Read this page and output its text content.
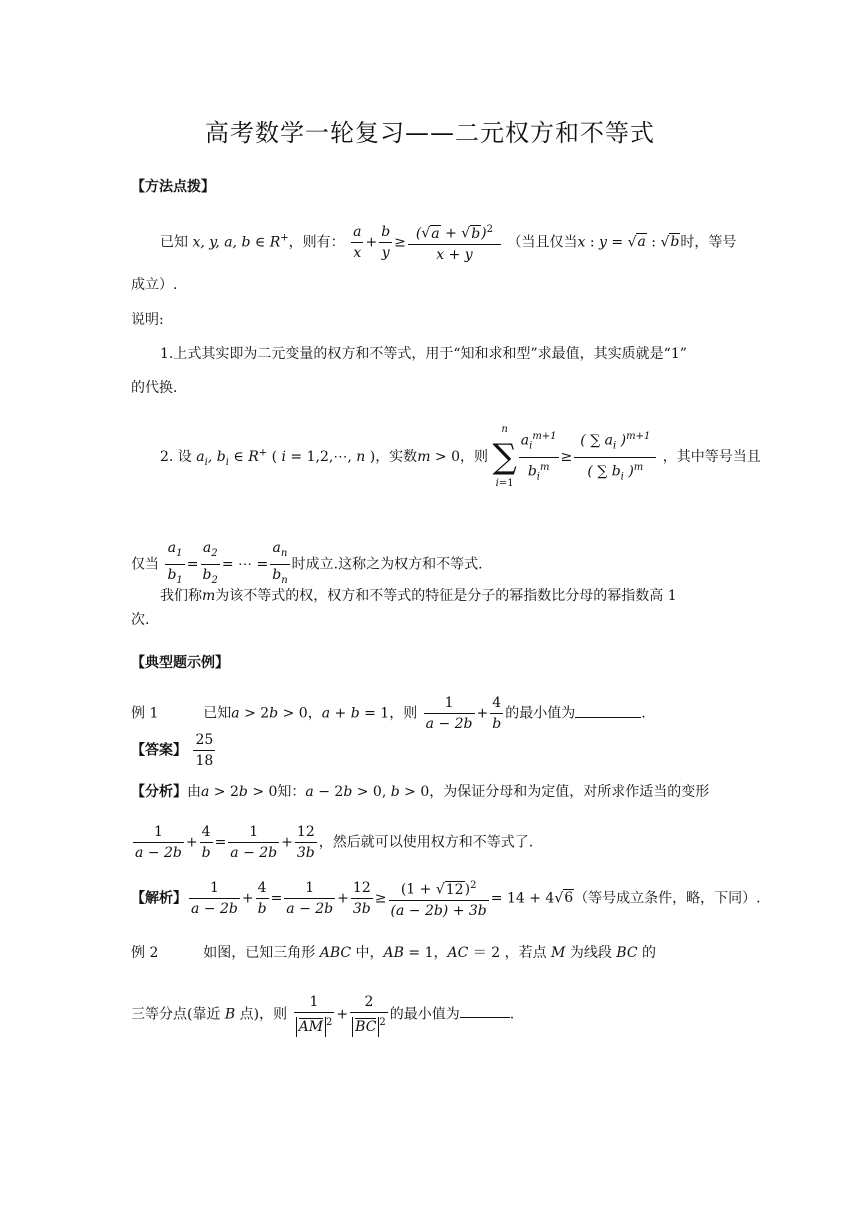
高考数学一轮复习——二元权方和不等式
【方法点拨】
已知 x, y, a, b ∈ R+，则有： $\frac{a}{x} + \frac{b}{y} \ge \frac{(√a + √b)^2}{x + y}$ （当且仅当x : y = √a : √b时，等号
成立）.
说明:
1.上式其实即为二元变量的权方和不等式，用于“知和求和型”求最值，其实质就是“1”
的代换.
2. 设 $a_i$, $b_i$ ∈ R+ ( i = 1,2,⋯, n )，实数m > 0，则
n
∑
$i=1 \frac{a_i^{m+1}}{b_i^m} \ge \frac{( \sum a_i )^{m+1}}{( \sum b_i )^m}$ ，其中等号当且
仅当 $\frac{a_1}{b_1} = \frac{a_2}{b_2}$ = ⋯ = $\frac{a_n}{b_n}$ 时成立.这称之为权方和不等式.
我们称m为该不等式的权，权方和不等式的特征是分子的幂指数比分母的幂指数高 1
次.
【典型题示例】
例 1	已知a > 2b > 0，a + b = 1，则 $\frac{1}{a - 2b} + \frac{4}{b}$ 的最小值为	.
【答案】 $\frac{25}{18}$
【分析】由a > 2b > 0知：a − 2b > 0, b > 0，为保证分母和为定值，对所求作适当的变形
$\frac{1}{a - 2b} + \frac{4}{b} = \frac{1}{a - 2b} + \frac{12}{3b}$ ，然后就可以使用权方和不等式了.
【解析】 $\frac{1}{a - 2b} + \frac{4}{b} = \frac{1}{a - 2b} + \frac{12}{3b} \ge \frac{(1 + √12)^2}{(a - 2b) + 3b} = 14 + 4√6$（等号成立条件，略，下同）.
例 2	如图，已知三角形 ABC 中，AB = 1，AC ＝ 2 ，若点 M 为线段 BC 的
三等分点(靠近 B 点)，则 $\frac{1}{AM ^2} + \frac{2}{BC ^2}$ 的最小值为	.
